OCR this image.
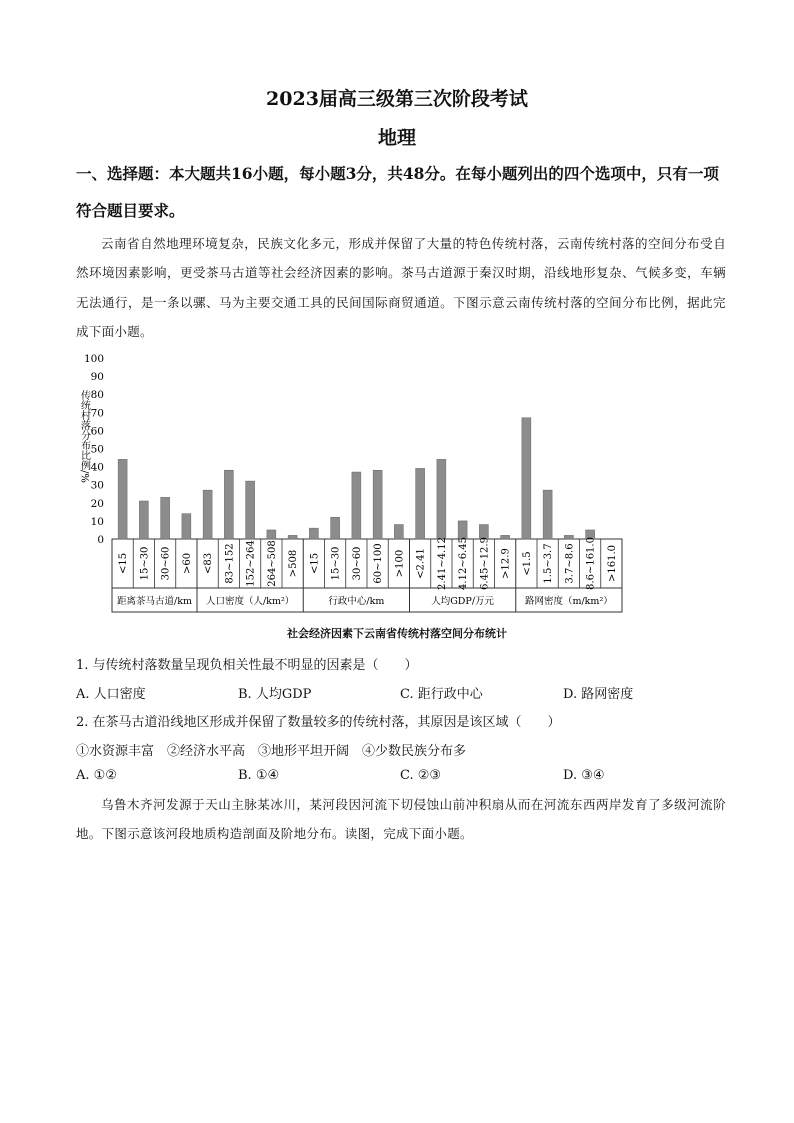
2023届高三级第三次阶段考试
地理
一、选择题：本大题共16小题，每小题3分，共48分。在每小题列出的四个选项中，只有一项符合题目要求。
云南省自然地理环境复杂，民族文化多元，形成并保留了大量的特色传统村落，云南传统村落的空间分布受自然环境因素影响，更受茶马古道等社会经济因素的影响。茶马古道源于秦汉时期，沿线地形复杂、气候多变，车辆无法通行，是一条以骡、马为主要交通工具的民间国际商贸通道。下图示意云南传统村落的空间分布比例，据此完成下面小题。
0
10
20
30
40
50
60
70
80
90
100
传统村落分布比例/%
<15 15~30 30~60 >60
距离茶马古道/km
<83 83~152 152~264 264~508 >508
人口密度（人/km²）
<15 15~30 30~60 60~100 >100
行政中心/km
<2.41 2.41~4.12 4.12~6.45 6.45~12.9 >12.9
人均GDP/万元
<1.5 1.5~3.7 3.7~8.6 8.6~161.0 >161.0
路网密度（m/km²）
社会经济因素下云南省传统村落空间分布统计
1. 与传统村落数量呈现负相关性最不明显的因素是（　　）
A. 人口密度	B. 人均GDP	C. 距行政中心	D. 路网密度
2. 在茶马古道沿线地区形成并保留了数量较多的传统村落，其原因是该区域（　　）
①水资源丰富　②经济水平高　③地形平坦开阔　④少数民族分布多
A. ①②	B. ①④	C. ②③	D. ③④
乌鲁木齐河发源于天山主脉某冰川，某河段因河流下切侵蚀山前冲积扇从而在河流东西两岸发育了多级河流阶地。下图示意该河段地质构造剖面及阶地分布。读图，完成下面小题。
